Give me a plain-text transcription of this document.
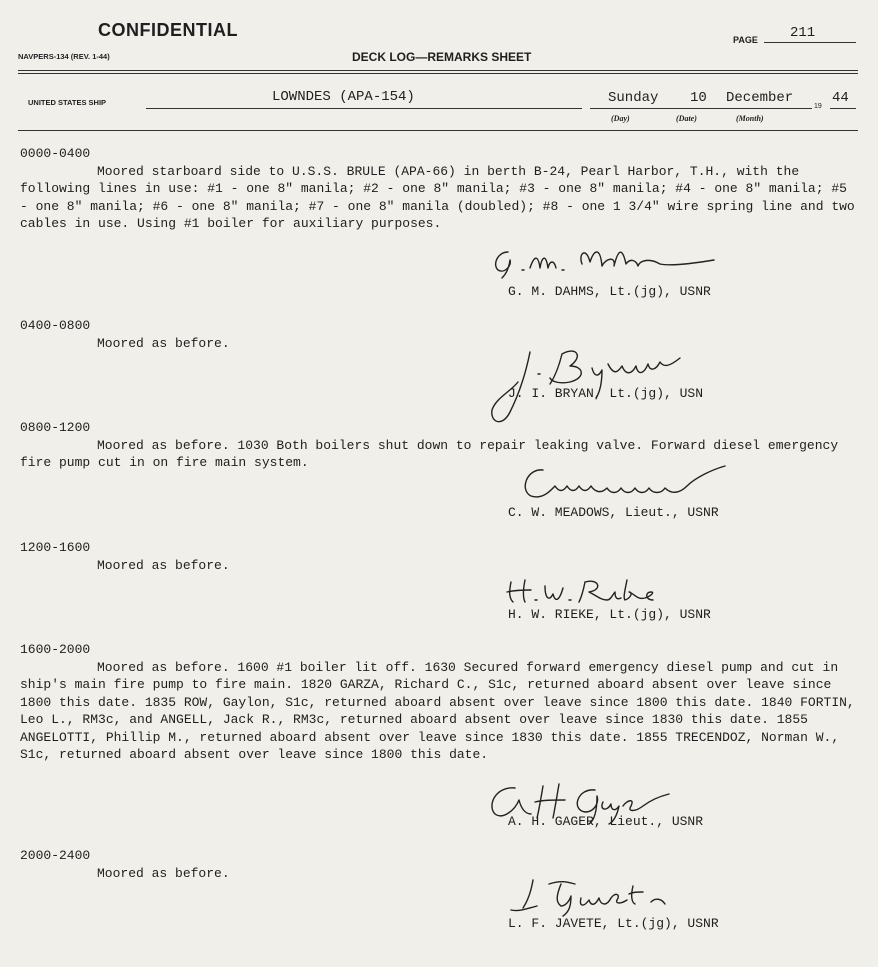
CONFIDENTIAL	PAGE 211
NAVPERS-134 (REV. 1-44)	DECK LOG—REMARKS SHEET
UNITED STATES SHIP	LOWNDES (APA-154)	Sunday 10 December
(Day)	(Date)	(Month)
19
44
0000-0400

Moored starboard side to U.S.S. BRULE (APA-66) in berth B-24, Pearl Harbor, T.H., with the following lines in use: #1 - one 8" manila; #2 - one 8" manila; #3 - one 8" manila; #4 - one 8" manila; #5 - one 8" manila; #6 - one 8" manila; #7 - one 8" manila (doubled); #8 - one 1 3/4" wire spring line and two cables in use. Using #1 boiler for auxiliary purposes.

G. M. DAHMS, Lt.(jg), USNR
0400-0800

Moored as before.

J. I. BRYAN, Lt.(jg), USN
0800-1200

Moored as before. 1030 Both boilers shut down to repair leaking valve. Forward diesel emergency fire pump cut in on fire main system.

C. W. MEADOWS, Lieut., USNR
1200-1600

Moored as before.

H. W. RIEKE, Lt.(jg), USNR
1600-2000

Moored as before. 1600 #1 boiler lit off. 1630 Secured forward emergency diesel pump and cut in ship's main fire pump to fire main. 1820 GARZA, Richard C., S1c, returned aboard absent over leave since 1800 this date. 1835 ROW, Gaylon, S1c, returned aboard absent over leave since 1800 this date. 1840 FORTIN, Leo L., RM3c, and ANGELL, Jack R., RM3c, returned aboard absent over leave since 1830 this date. 1855 ANGELOTTI, Phillip M., returned aboard absent over leave since 1830 this date. 1855 TRECENDOZ, Norman W., S1c, returned aboard absent over leave since 1800 this date.

A. H. GAGER, Lieut., USNR
2000-2400

Moored as before.

L. F. JAVETE, Lt.(jg), USNR
